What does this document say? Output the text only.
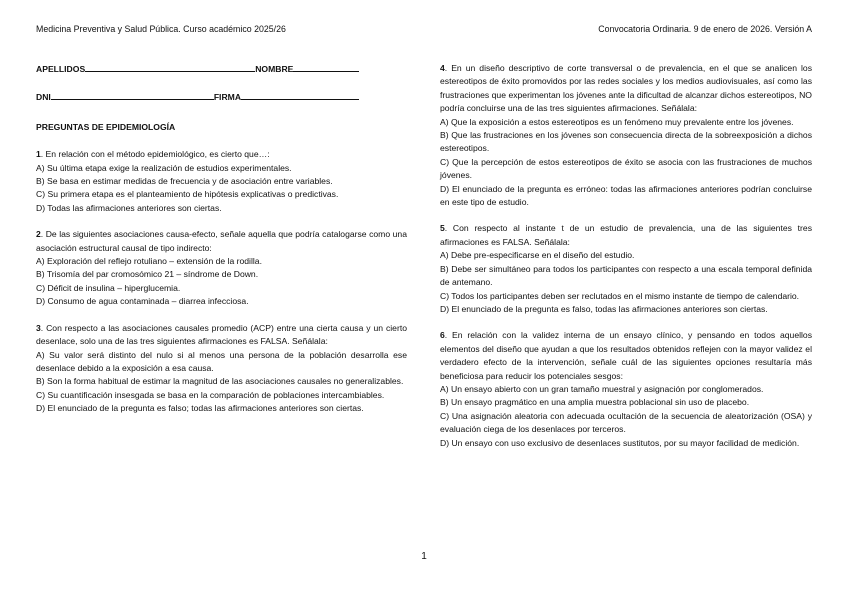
Medicina Preventiva y Salud Pública. Curso académico 2025/26	Convocatoria Ordinaria. 9 de enero de 2026. Versión A
APELLIDOS	NOMBRE
DNI	FIRMA
PREGUNTAS DE EPIDEMIOLOGÍA

1. En relación con el método epidemiológico, es cierto que…:

A) Su última etapa exige la realización de estudios experimentales.

B) Se basa en estimar medidas de frecuencia y de asociación entre variables.

C) Su primera etapa es el planteamiento de hipótesis explicativas o predictivas.

D) Todas las afirmaciones anteriores son ciertas.

2. De las siguientes asociaciones causa-efecto, señale aquella que podría catalogarse como una asociación estructural causal de tipo indirecto:

A) Exploración del reflejo rotuliano – extensión de la rodilla.

B) Trisomía del par cromosómico 21 – síndrome de Down.

C) Déficit de insulina – hiperglucemia.

D) Consumo de agua contaminada – diarrea infecciosa.

3. Con respecto a las asociaciones causales promedio (ACP) entre una cierta causa y un cierto desenlace, solo una de las tres siguientes afirmaciones es FALSA. Señálala:

A) Su valor será distinto del nulo si al menos una persona de la población desarrolla ese desenlace debido a la exposición a esa causa.

B) Son la forma habitual de estimar la magnitud de las asociaciones causales no generalizables.

C) Su cuantificación insesgada se basa en la comparación de poblaciones intercambiables.

D) El enunciado de la pregunta es falso; todas las afirmaciones anteriores son ciertas.

4. En un diseño descriptivo de corte transversal o de prevalencia, en el que se analicen los estereotipos de éxito promovidos por las redes sociales y los medios audiovisuales, así como las frustraciones que experimentan los jóvenes ante la dificultad de alcanzar dichos estereotipos, NO podría concluirse una de las tres siguientes afirmaciones. Señálala:

A) Que la exposición a estos estereotipos es un fenómeno muy prevalente entre los jóvenes.

B) Que las frustraciones en los jóvenes son consecuencia directa de la sobreexposición a dichos estereotipos.

C) Que la percepción de estos estereotipos de éxito se asocia con las frustraciones de muchos jóvenes.

D) El enunciado de la pregunta es erróneo: todas las afirmaciones anteriores podrían concluirse en este tipo de estudio.

5. Con respecto al instante t de un estudio de prevalencia, una de las siguientes tres afirmaciones es FALSA. Señálala:

A) Debe pre-especificarse en el diseño del estudio.

B) Debe ser simultáneo para todos los participantes con respecto a una escala temporal definida de antemano.

C) Todos los participantes deben ser reclutados en el mismo instante de tiempo de calendario.

D) El enunciado de la pregunta es falso, todas las afirmaciones anteriores son ciertas.

6. En relación con la validez interna de un ensayo clínico, y pensando en todos aquellos elementos del diseño que ayudan a que los resultados obtenidos reflejen con la mayor validez el verdadero efecto de la intervención, señale cuál de las siguientes opciones resultaría más beneficiosa para reducir los potenciales sesgos:

A) Un ensayo abierto con un gran tamaño muestral y asignación por conglomerados.

B) Un ensayo pragmático en una amplia muestra poblacional sin uso de placebo.

C) Una asignación aleatoria con adecuada ocultación de la secuencia de aleatorización (OSA) y evaluación ciega de los desenlaces por terceros.

D) Un ensayo con uso exclusivo de desenlaces sustitutos, por su mayor facilidad de medición.

1
